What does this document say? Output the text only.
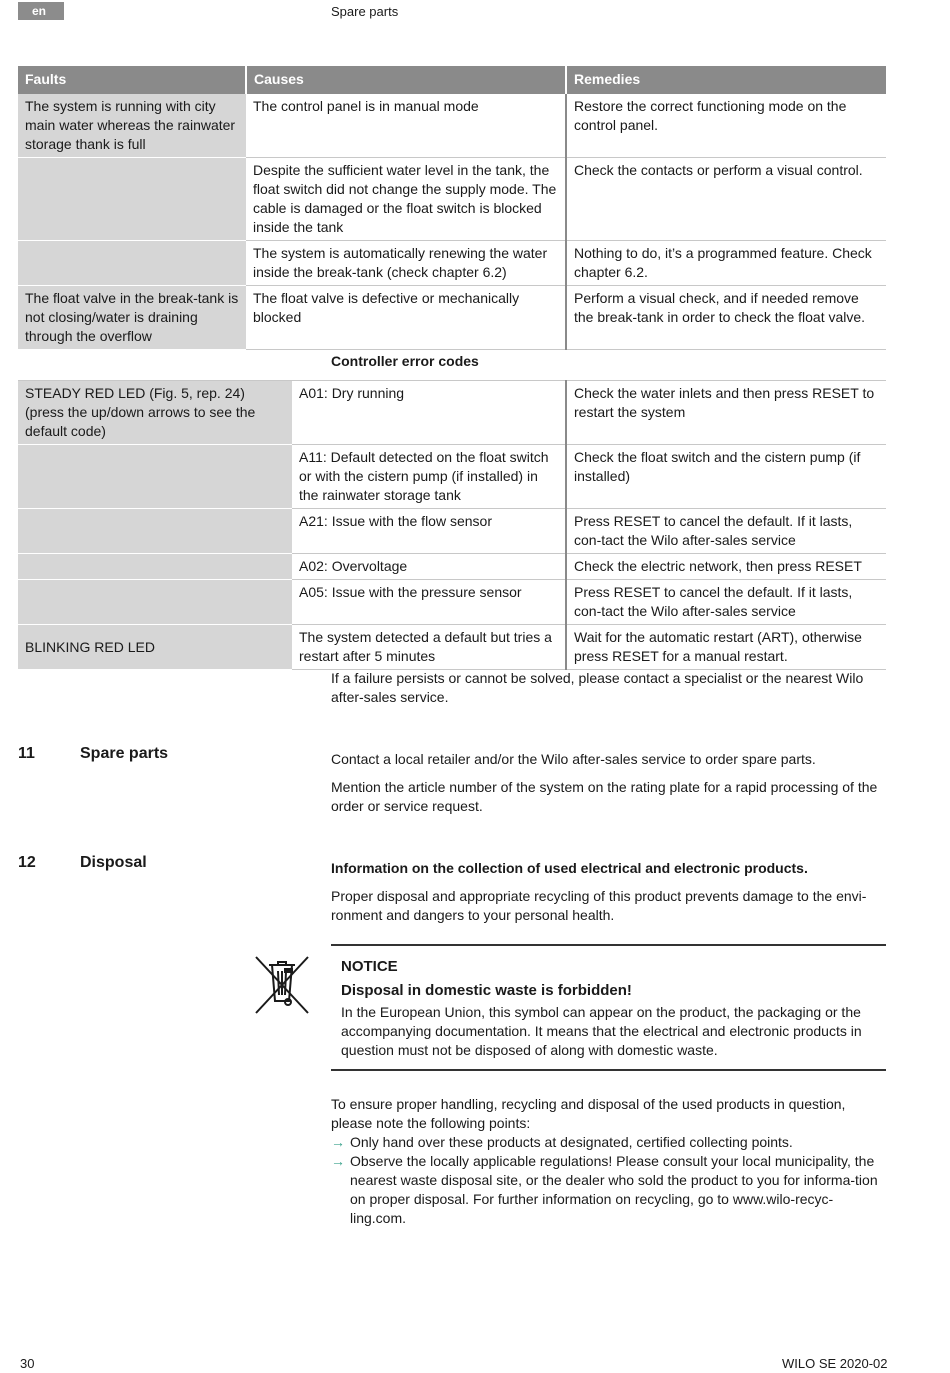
en	Spare parts
Faults	Causes	Remedies
The system is running with city main water whereas the rainwater storage thank is full	The control panel is in manual mode	Restore the correct functioning mode on the control panel.
	Despite the sufficient water level in the tank, the float switch did not change the supply mode. The cable is damaged or the float switch is blocked inside the tank	Check the contacts or perform a visual control.
	The system is automatically renewing the water inside the break-tank (check chapter 6.2)	Nothing to do, it’s a programmed feature. Check chapter 6.2.
The float valve in the break-tank is not closing/water is draining through the overflow	The float valve is defective or mechanically blocked	Perform a visual check, and if needed remove the break-tank in order to check the float valve.
Controller error codes
STEADY RED LED (Fig. 5, rep. 24) (press the up/down arrows to see the default code)	A01: Dry running	Check the water inlets and then press RESET to restart the system
	A11: Default detected on the float switch or with the cistern pump (if installed) in the rainwater storage tank	Check the float switch and the cistern pump (if installed)
	A21: Issue with the flow sensor	Press RESET to cancel the default. If it lasts, con-tact the Wilo after-sales service
	A02: Overvoltage	Check the electric network, then press RESET
	A05: Issue with the pressure sensor	Press RESET to cancel the default. If it lasts, con-tact the Wilo after-sales service
BLINKING RED LED	The system detected a default but tries a restart after 5 minutes	Wait for the automatic restart (ART), otherwise press RESET for a manual restart.
If a failure persists or cannot be solved, please contact a specialist or the nearest Wilo after-sales service.
11	Spare parts	Contact a local retailer and/or the Wilo after-sales service to order spare parts.
Mention the article number of the system on the rating plate for a rapid processing of the order or service request.
12	Disposal	Information on the collection of used electrical and electronic products.
Proper disposal and appropriate recycling of this product prevents damage to the envi-ronment and dangers to your personal health.
NOTICE
Disposal in domestic waste is forbidden!
In the European Union, this symbol can appear on the product, the packaging or the accompanying documentation. It means that the electrical and electronic products in question must not be disposed of along with domestic waste.
To ensure proper handling, recycling and disposal of the used products in question, please note the following points:
→ Only hand over these products at designated, certified collecting points.
→ Observe the locally applicable regulations! Please consult your local municipality, the nearest waste disposal site, or the dealer who sold the product to you for informa-tion on proper disposal. For further information on recycling, go to www.wilo-recyc-ling.com.
30	WILO SE 2020-02
